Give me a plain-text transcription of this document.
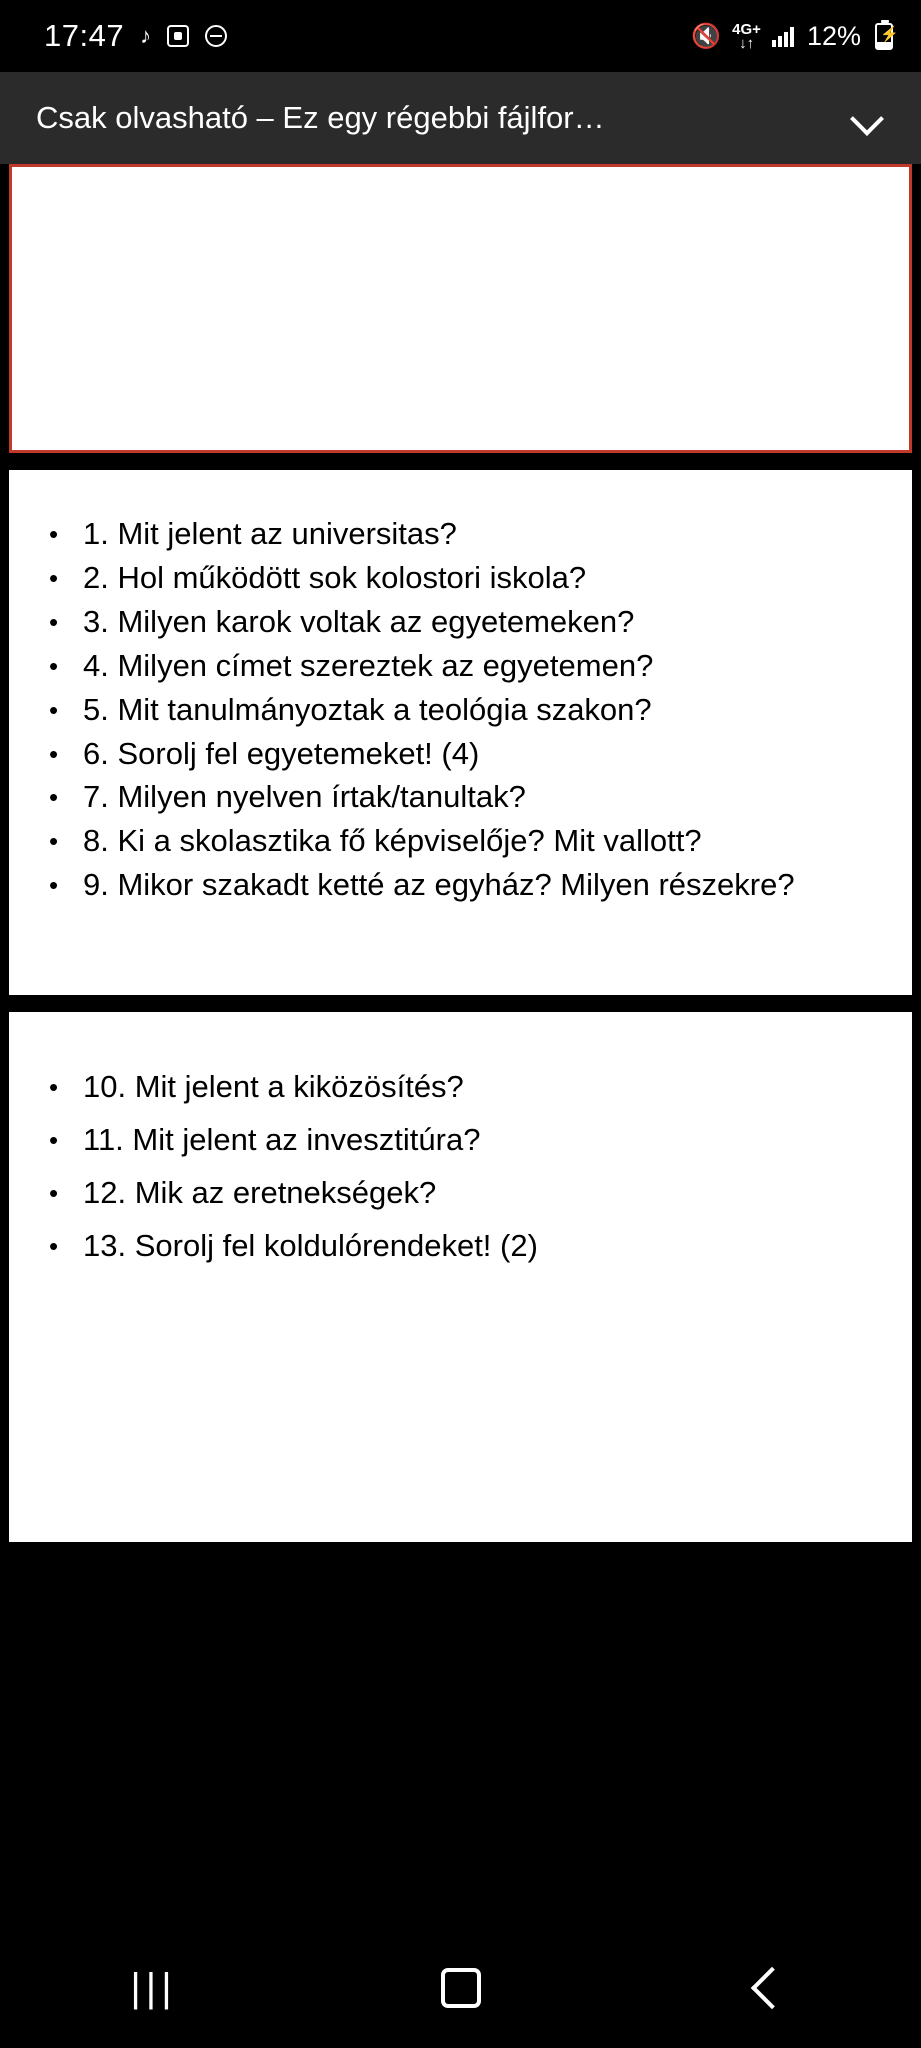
17:47 ♪	🔇 4G+
↓↑ 12% ⚡
Csak olvasható – Ez egy régebbi fájlfor…
• 1. Mit jelent az universitas?
• 2. Hol működött sok kolostori iskola?
• 3. Milyen karok voltak az egyetemeken?
• 4. Milyen címet szereztek az egyetemen?
• 5. Mit tanulmányoztak a teológia szakon?
• 6. Sorolj fel egyetemeket! (4)
• 7. Milyen nyelven írtak/tanultak?
• 8. Ki a skolasztika fő képviselője? Mit vallott?
• 9. Mikor szakadt ketté az egyház? Milyen részekre?
• 10. Mit jelent a kiközösítés?
• 11. Mit jelent az invesztitúra?
• 12. Mik az eretnekségek?
• 13. Sorolj fel koldulórendeket! (2)
|||
